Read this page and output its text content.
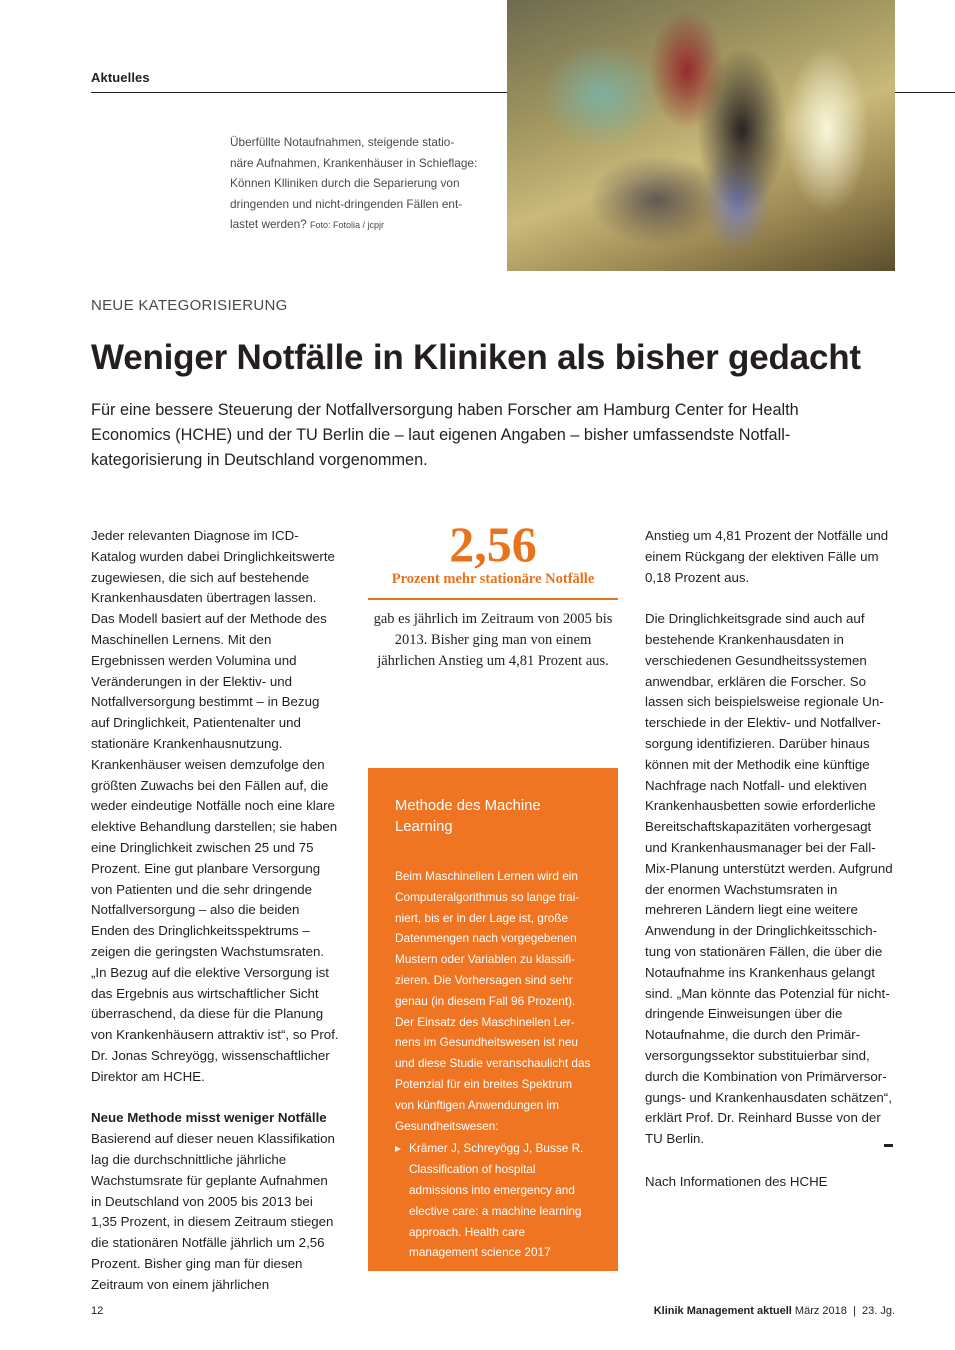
Aktuelles
Überfüllte Notaufnahmen, steigende statio-
näre Aufnahmen, Krankenhäuser in Schieflage:
Können Klliniken durch die Separierung von
dringenden und nicht-dringenden Fällen ent-
lastet werden? Foto: Fotolia / jcpjr
NEUE KATEGORISIERUNG
Weniger Notfälle in Kliniken als bisher gedacht
Für eine bessere Steuerung der Notfallversorgung haben Forscher am Hamburg Center for Health Economics (HCHE) und der TU Berlin die – laut eigenen Angaben – bisher umfassendste Notfallkategorisierung in Deutschland vorgenommen.

Jeder relevanten Diagnose im ICD-Katalog wurden dabei Dringlichkeitswerte zugewiesen, die sich auf bestehende Krankenhausdaten übertragen lassen. Das Modell basiert auf der Methode des Maschinellen Lernens. Mit den Ergebnissen werden Volumina und Veränderungen in der Elektiv- und Notfallversorgung bestimmt – in Bezug auf Dringlichkeit, Patientenalter und stationäre Krankenhausnutzung. Krankenhäuser weisen demzufolge den größten Zuwachs bei den Fällen auf, die weder eindeutige Notfälle noch eine klare elektive Behandlung darstellen; sie haben eine Dringlichkeit zwischen 25 und 75 Prozent. Eine gut planbare Versorgung von Patienten und die sehr dringende Notfallversorgung – also die beiden Enden des Dringlichkeitsspektrums – zeigen die geringsten Wachstumsraten. „In Bezug auf die elektive Versorgung ist das Ergebnis aus wirtschaftlicher Sicht überraschend, da diese für die Planung von Krankenhäusern attraktiv ist“, so Prof. Dr. Jonas Schreyögg, wissenschaftlicher Direktor am HCHE.

Neue Methode misst weniger Notfälle

Basierend auf dieser neuen Klassifikation lag die durchschnittliche jährliche Wachstumsrate für geplante Aufnahmen in Deutschland von 2005 bis 2013 bei 1,35 Prozent, in diesem Zeitraum stiegen die stationären Notfälle jährlich um 2,56 Prozent. Bisher ging man für diesen Zeitraum von einem jährlichen

2,56
Prozent mehr stationäre Notfälle
gab es jährlich im Zeitraum von 2005 bis 2013. Bisher ging man von einem jährlichen Anstieg um 4,81 Prozent aus.

Methode des Machine Learning

Beim Maschinellen Lernen wird ein Computeralgorithmus so lange trainiert, bis er in der Lage ist, große Datenmengen nach vorgegebenen Mustern oder Variablen zu klassifizieren. Die Vorhersagen sind sehr genau (in diesem Fall 96 Prozent). Der Einsatz des Maschinellen Lernens im Gesundheitswesen ist neu und diese Studie veranschaulicht das Potenzial für ein breites Spektrum von künftigen Anwendungen im Gesundheitswesen:

▸ Krämer J, Schreyögg J, Busse R. Classification of hospital admissions into emergency and elective care: a machine learning approach. Health care management science 2017

Anstieg um 4,81 Prozent der Notfälle und einem Rückgang der elektiven Fälle um 0,18 Prozent aus.

Die Dringlichkeitsgrade sind auch auf bestehende Krankenhausdaten in verschiedenen Gesundheitssystemen anwendbar, erklären die Forscher. So lassen sich beispielsweise regionale Unterschiede in der Elektiv- und Notfallversorgung identifizieren. Darüber hinaus können mit der Methodik eine künftige Nachfrage nach Notfall- und elektiven Krankenhausbetten sowie erforderliche Bereitschaftskapazitäten vorhergesagt und Krankenhausmanager bei der Fall-Mix-Planung unterstützt werden. Aufgrund der enormen Wachstumsraten in mehreren Ländern liegt eine weitere Anwendung in der Dringlichkeitsschichtung von stationären Fällen, die über die Notaufnahme ins Krankenhaus gelangt sind. „Man könnte das Potenzial für nicht-dringende Einweisungen über die Notaufnahme, die durch den Primärversorgungssektor substituierbar sind, durch die Kombination von Primärversorgungs- und Krankenhausdaten schätzen“, erklärt Prof. Dr. Reinhard Busse von der TU Berlin.

Nach Informationen des HCHE
12	Klinik Management aktuell März 2018  |  23. Jg.
